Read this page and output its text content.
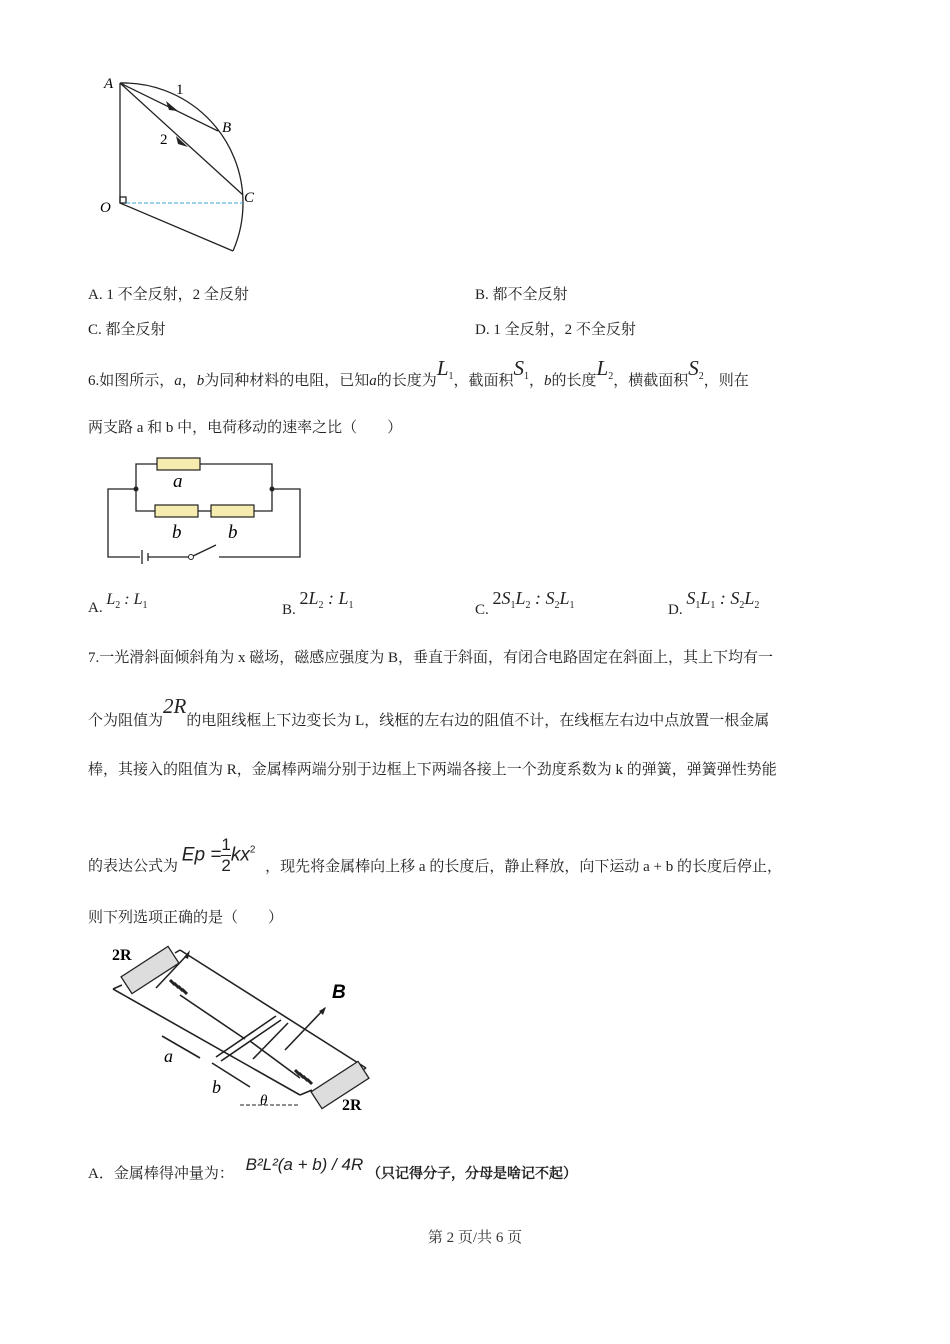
A	1
B
2
C
O
A. 1 不全反射，2 全反射	B. 都不全反射
C. 都全反射	D. 1 全反射，2 不全反射
6.如图所示，a，b为同种材料的电阻，已知a的长度为$L_1$，截面积$S_1$，b的长度$L_2$，横截面积$S_2$，则在
两支路 a 和 b 中，电荷移动的速率之比（　　）
a
b b
A. $L_2$ : $L_1$	B. $2L_2$ : $L_1$	C. $2S_1L_2$ : $S_2L_1$	D. $S_1L_1$ : $S_2L_2$
7.一光滑斜面倾斜角为 x 磁场，磁感应强度为 B，垂直于斜面，有闭合电路固定在斜面上，其上下均有一
个为阻值为2R的电阻线框上下边变长为 L，线框的左右边的阻值不计，在线框左右边中点放置一根金属
棒，其接入的阻值为 R，金属棒两端分别于边框上下两端各接上一个劲度系数为 k 的弹簧，弹簧弹性势能
的表达公式为 $Ep = \frac{1}{2} kx^2$ ，现先将金属棒向上移 a 的长度后，静止释放，向下运动 a + b 的长度后停止，
则下列选项正确的是（　　）
2R
2R
B
a
b
θ
A．金属棒得冲量为： B²L²(a + b) / 4R （只记得分子，分母是啥记不起）
第 2 页/共 6 页
